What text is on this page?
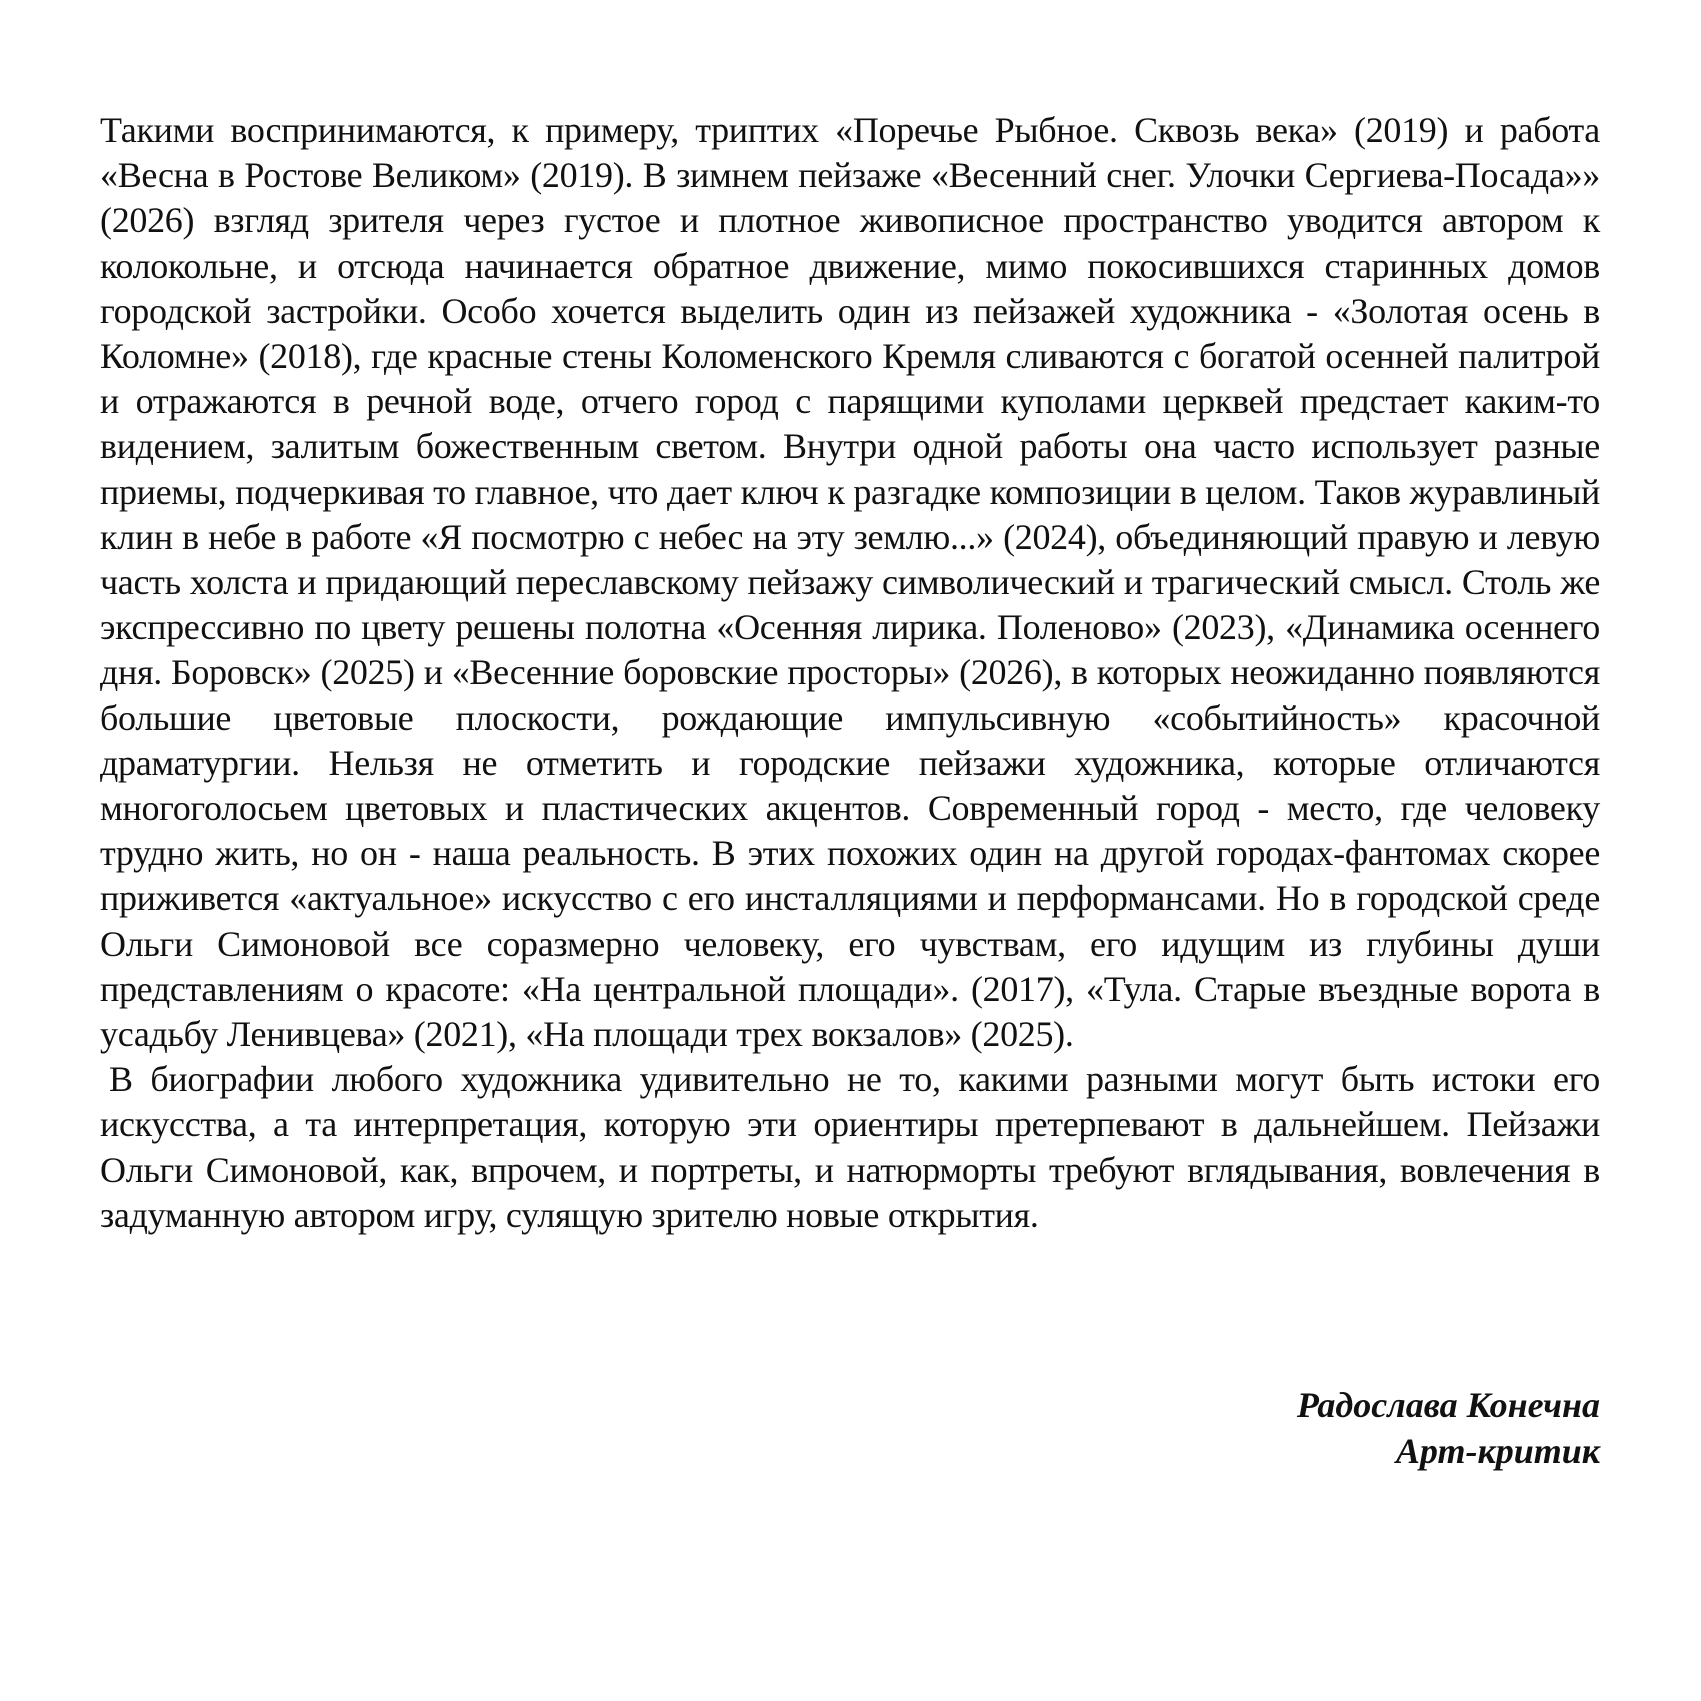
Такими воспринимаются, к примеру, триптих «Поречье Рыбное. Сквозь века» (2019) и работа «Весна в Ростове Великом» (2019). В зимнем пейзаже «Весенний снег. Улочки Сергиева-Посада»» (2026) взгляд зрителя через густое и плотное живописное пространство уводится автором к колокольне, и отсюда начинается обратное движение, мимо покосившихся старинных домов городской застройки. Особо хочется выделить один из пейзажей художника - «Золотая осень в Коломне» (2018), где красные стены Коломенского Кремля сливаются с богатой осенней палитрой и отражаются в речной воде, отчего город с парящими куполами церквей предстает каким-то видением, залитым божественным светом. Внутри одной работы она часто использует разные приемы, подчеркивая то главное, что дает ключ к разгадке композиции в целом. Таков журавлиный клин в небе в работе «Я посмотрю с небес на эту землю...» (2024), объединяющий правую и левую часть холста и придающий переславскому пейзажу символический и трагический смысл. Столь же экспрессивно по цвету решены полотна «Осенняя лирика. Поленово» (2023), «Динамика осеннего дня. Боровск» (2025) и «Весенние боровские просторы» (2026), в которых неожиданно появляются большие цветовые плоскости, рождающие импульсивную «событийность» красочной драматургии. Нельзя не отметить и городские пейзажи художника, которые отличаются многоголосьем цветовых и пластических акцентов. Современный город - место, где человеку трудно жить, но он - наша реальность. В этих похожих один на другой городах-фантомах скорее приживется «актуальное» искусство с его инсталляциями и перформансами. Но в городской среде Ольги Симоновой все соразмерно человеку, его чувствам, его идущим из глубины души представлениям о красоте: «На центральной площади». (2017), «Тула. Старые въездные ворота в усадьбу Ленивцева» (2021), «На площади трех вокзалов» (2025).

В биографии любого художника удивительно не то, какими разными могут быть истоки его искусства, а та интерпретация, которую эти ориентиры претерпевают в дальнейшем. Пейзажи Ольги Симоновой, как, впрочем, и портреты, и натюрморты требуют вглядывания, вовлечения в задуманную автором игру, сулящую зрителю новые открытия.

Радослава Конечна
Арт-критик
